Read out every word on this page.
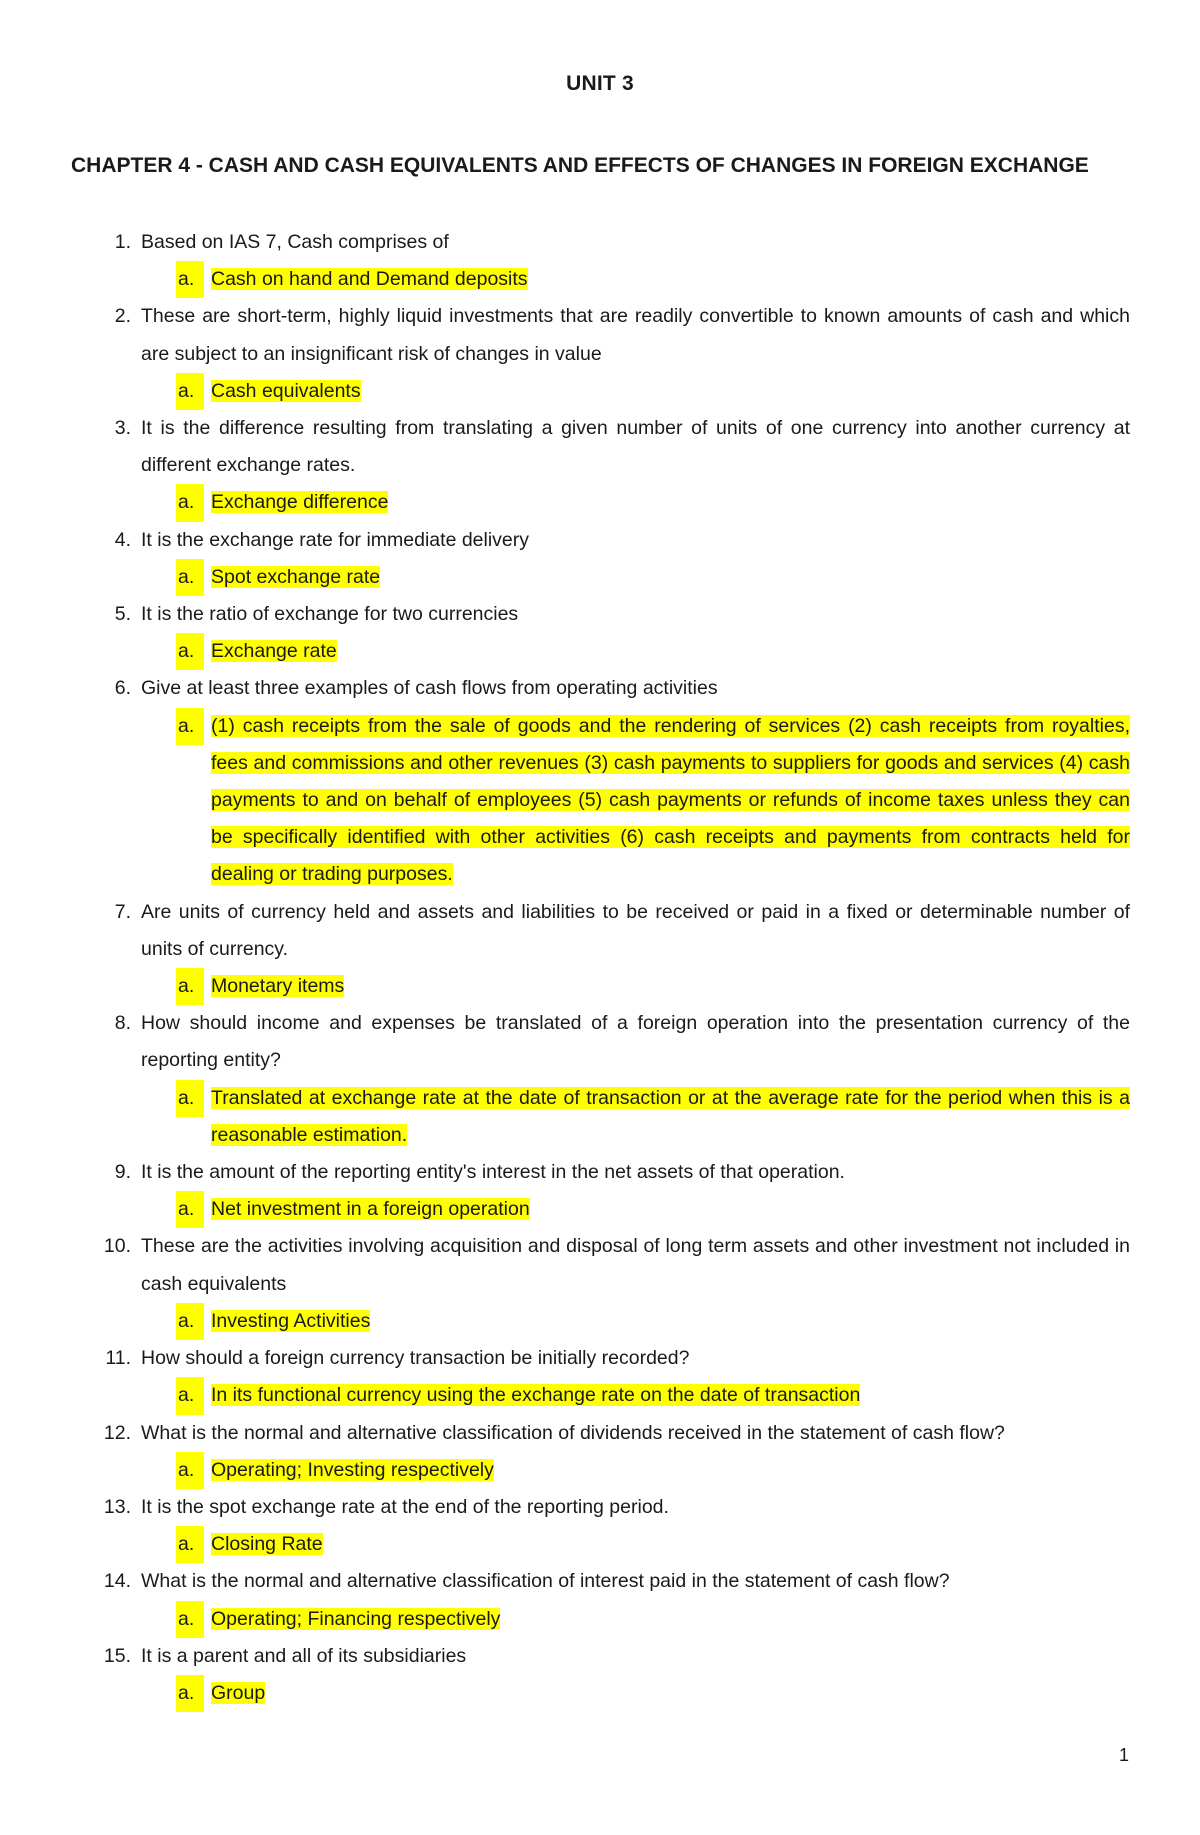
UNIT 3

CHAPTER 4 - CASH AND CASH EQUIVALENTS AND EFFECTS OF CHANGES IN FOREIGN EXCHANGE

1. Based on IAS 7, Cash comprises of
a. Cash on hand and Demand deposits
2. These are short-term, highly liquid investments that are readily convertible to known amounts of cash and which are subject to an insignificant risk of changes in value
a. Cash equivalents
3. It is the difference resulting from translating a given number of units of one currency into another currency at different exchange rates.
a. Exchange difference
4. It is the exchange rate for immediate delivery
a. Spot exchange rate
5. It is the ratio of exchange for two currencies
a. Exchange rate
6. Give at least three examples of cash flows from operating activities
a. (1) cash receipts from the sale of goods and the rendering of services (2) cash receipts from royalties, fees and commissions and other revenues (3) cash payments to suppliers for goods and services (4) cash payments to and on behalf of employees (5) cash payments or refunds of income taxes unless they can be specifically identified with other activities (6) cash receipts and payments from contracts held for dealing or trading purposes.
7. Are units of currency held and assets and liabilities to be received or paid in a fixed or determinable number of units of currency.
a. Monetary items
8. How should income and expenses be translated of a foreign operation into the presentation currency of the reporting entity?
a. Translated at exchange rate at the date of transaction or at the average rate for the period when this is a reasonable estimation.
9. It is the amount of the reporting entity's interest in the net assets of that operation.
a. Net investment in a foreign operation
10. These are the activities involving acquisition and disposal of long term assets and other investment not included in cash equivalents
a. Investing Activities
11. How should a foreign currency transaction be initially recorded?
a. In its functional currency using the exchange rate on the date of transaction
12. What is the normal and alternative classification of dividends received in the statement of cash flow?
a. Operating; Investing respectively
13. It is the spot exchange rate at the end of the reporting period.
a. Closing Rate
14. What is the normal and alternative classification of interest paid in the statement of cash flow?
a. Operating; Financing respectively
15. It is a parent and all of its subsidiaries
a. Group
1
